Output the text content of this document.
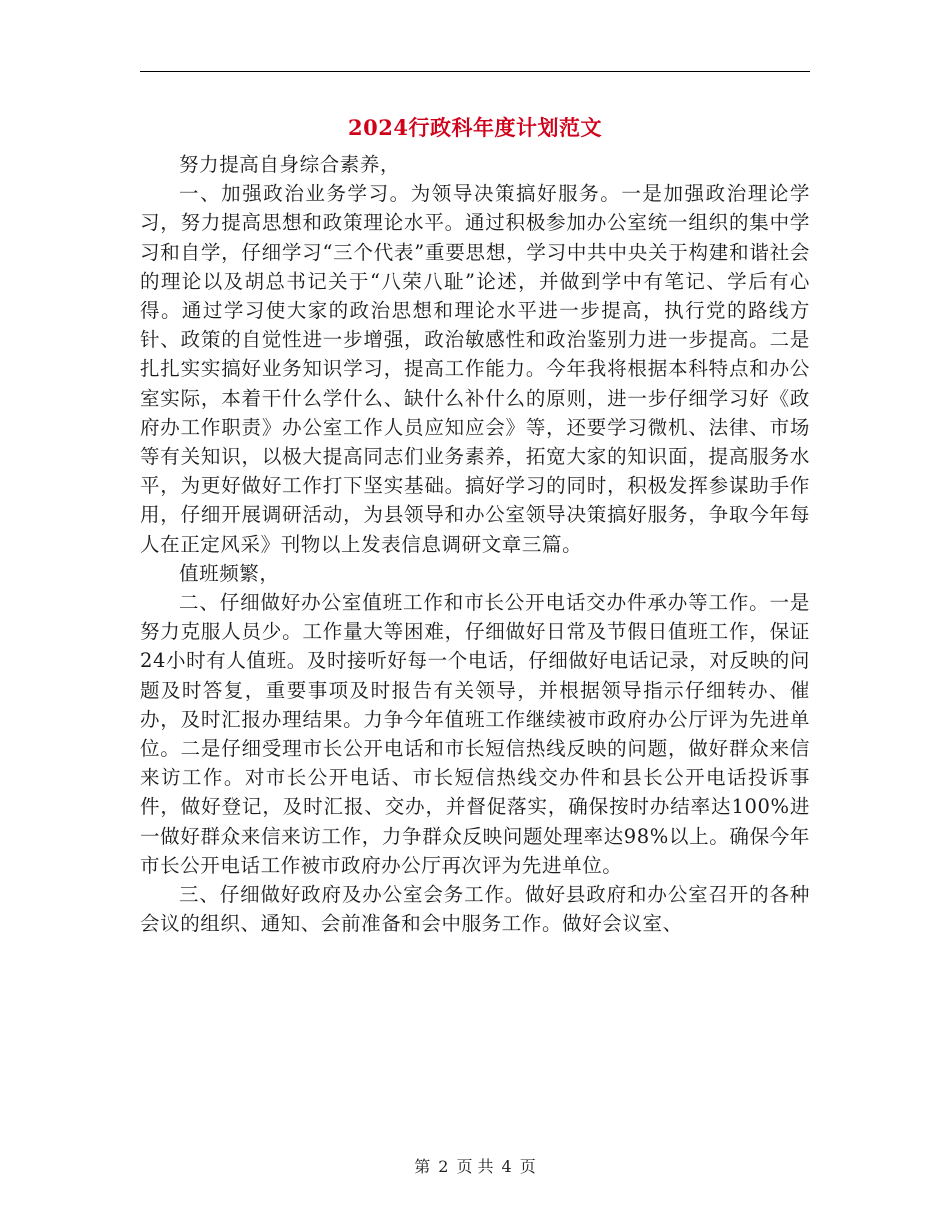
2024行政科年度计划范文

努力提高自身综合素养，

一、加强政治业务学习。为领导决策搞好服务。一是加强政治理论学习，努力提高思想和政策理论水平。通过积极参加办公室统一组织的集中学习和自学，仔细学习“三个代表”重要思想，学习中共中央关于构建和谐社会的理论以及胡总书记关于“八荣八耻”论述，并做到学中有笔记、学后有心得。通过学习使大家的政治思想和理论水平进一步提高，执行党的路线方针、政策的自觉性进一步增强，政治敏感性和政治鉴别力进一步提高。二是扎扎实实搞好业务知识学习，提高工作能力。今年我将根据本科特点和办公室实际，本着干什么学什么、缺什么补什么的原则，进一步仔细学习好《政府办工作职责》办公室工作人员应知应会》等，还要学习微机、法律、市场等有关知识，以极大提高同志们业务素养，拓宽大家的知识面，提高服务水平，为更好做好工作打下坚实基础。搞好学习的同时，积极发挥参谋助手作用，仔细开展调研活动，为县领导和办公室领导决策搞好服务，争取今年每人在正定风采》刊物以上发表信息调研文章三篇。

值班频繁，

二、仔细做好办公室值班工作和市长公开电话交办件承办等工作。一是努力克服人员少。工作量大等困难，仔细做好日常及节假日值班工作，保证 24小时有人值班。及时接听好每一个电话，仔细做好电话记录，对反映的问题及时答复，重要事项及时报告有关领导，并根据领导指示仔细转办、催办，及时汇报办理结果。力争今年值班工作继续被市政府办公厅评为先进单位。二是仔细受理市长公开电话和市长短信热线反映的问题，做好群众来信来访工作。对市长公开电话、市长短信热线交办件和县长公开电话投诉事件，做好登记，及时汇报、交办，并督促落实，确保按时办结率达100%进一做好群众来信来访工作，力争群众反映问题处理率达98%以上。确保今年市长公开电话工作被市政府办公厅再次评为先进单位。

三、仔细做好政府及办公室会务工作。做好县政府和办公室召开的各种会议的组织、通知、会前准备和会中服务工作。做好会议室、

第 2 页 共 4 页
